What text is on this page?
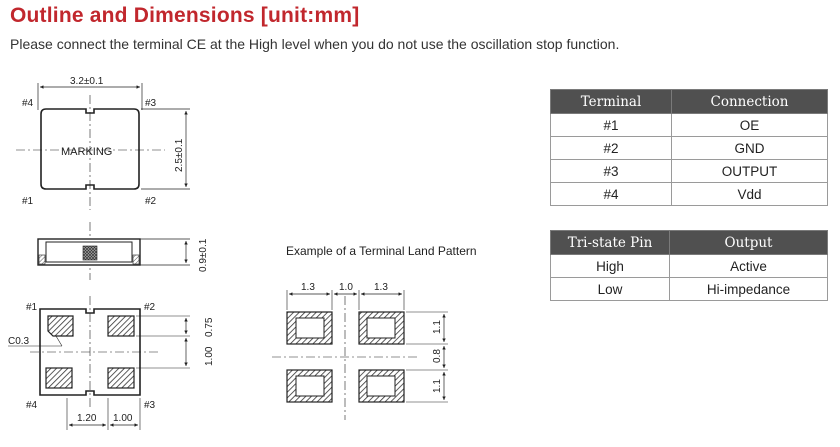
Outline and Dimensions [unit:mm]
Please connect the terminal CE at the High level when you do not use the oscillation stop function.
3.2±0.1
MARKING
#4	#3
#1	#2
2.5±0.1
0.9±0.1
C0.3
#1	#2
#4	#3
0.75
1.00
1.20 1.00
Example of a Terminal Land Pattern
1.3 1.0 1.3
1.1
0.8
1.1
Terminal	Connection
#1	OE
#2	GND
#3	OUTPUT
#4	Vdd
Tri-state Pin	Output
High	Active
Low	Hi-impedance
